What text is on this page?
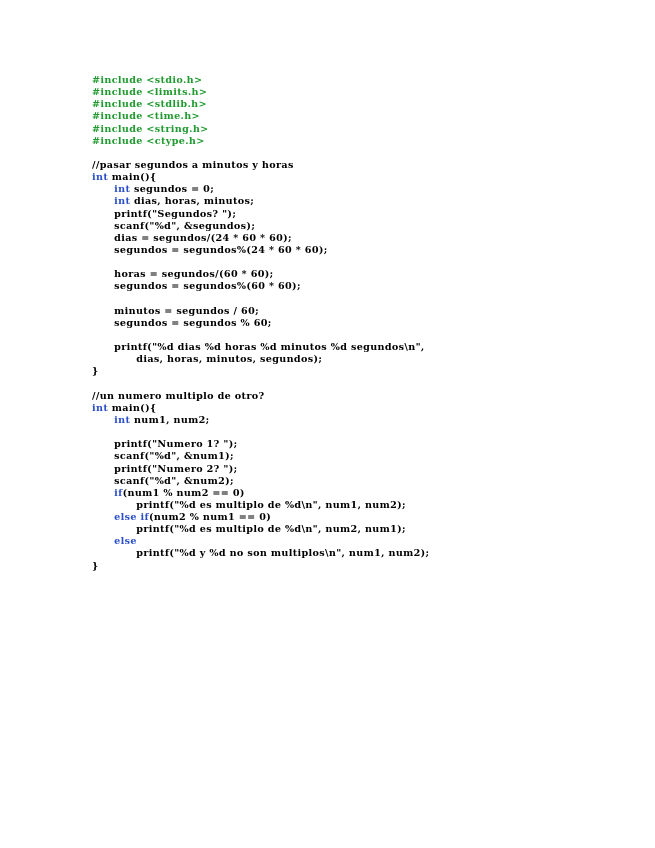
#include <stdio.h>
#include <limits.h>
#include <stdlib.h>
#include <time.h>
#include <string.h>
#include <ctype.h>
//pasar segundos a minutos y horas
int main(){
int segundos = 0;
int dias, horas, minutos;
printf("Segundos? ");
scanf("%d", &segundos);
dias = segundos/(24 * 60 * 60);
segundos = segundos%(24 * 60 * 60);
horas = segundos/(60 * 60);
segundos = segundos%(60 * 60);
minutos = segundos / 60;
segundos = segundos % 60;
printf("%d dias %d horas %d minutos %d segundos\n",
dias, horas, minutos, segundos);
}
//un numero multiplo de otro?
int main(){
int num1, num2;
printf("Numero 1? ");
scanf("%d", &num1);
printf("Numero 2? ");
scanf("%d", &num2);
if(num1 % num2 == 0)
printf("%d es multiplo de %d\n", num1, num2);
else if(num2 % num1 == 0)
printf("%d es multiplo de %d\n", num2, num1);
else
printf("%d y %d no son multiplos\n", num1, num2);
}
